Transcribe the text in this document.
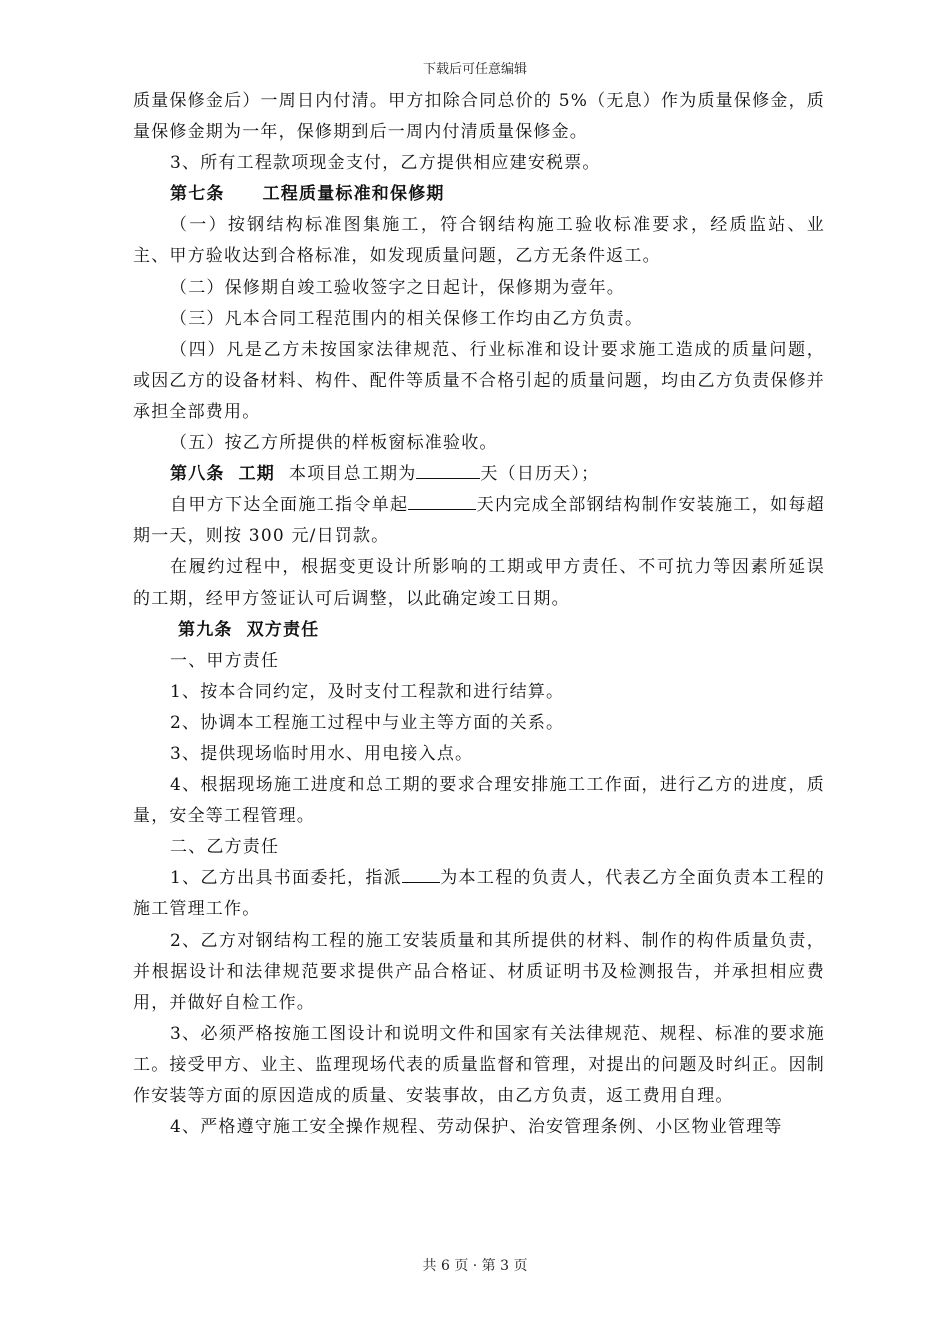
下载后可任意编辑

质量保修金后）一周日内付清。甲方扣除合同总价的 5%（无息）作为质量保修金，质量保修金期为一年，保修期到后一周内付清质量保修金。

3、所有工程款项现金支付，乙方提供相应建安税票。

第七条 工程质量标准和保修期

（一）按钢结构标准图集施工，符合钢结构施工验收标准要求，经质监站、业主、甲方验收达到合格标准，如发现质量问题，乙方无条件返工。

（二）保修期自竣工验收签字之日起计，保修期为壹年。

（三）凡本合同工程范围内的相关保修工作均由乙方负责。

（四）凡是乙方未按国家法律规范、行业标准和设计要求施工造成的质量问题，或因乙方的设备材料、构件、配件等质量不合格引起的质量问题，均由乙方负责保修并承担全部费用。

（五）按乙方所提供的样板窗标准验收。

第八条 工期 本项目总工期为	天（日历天）；

自甲方下达全面施工指令单起	天内完成全部钢结构制作安装施工，如每超期一天，则按 300 元/日罚款。

在履约过程中，根据变更设计所影响的工期或甲方责任、不可抗力等因素所延误的工期，经甲方签证认可后调整，以此确定竣工日期。

第九条 双方责任

一、甲方责任

1、按本合同约定，及时支付工程款和进行结算。

2、协调本工程施工过程中与业主等方面的关系。

3、提供现场临时用水、用电接入点。

4、根据现场施工进度和总工期的要求合理安排施工工作面，进行乙方的进度，质量，安全等工程管理。

二、乙方责任

1、乙方出具书面委托，指派 为本工程的负责人，代表乙方全面负责本工程的施工管理工作。

2、乙方对钢结构工程的施工安装质量和其所提供的材料、制作的构件质量负责，并根据设计和法律规范要求提供产品合格证、材质证明书及检测报告，并承担相应费用，并做好自检工作。

3、必须严格按施工图设计和说明文件和国家有关法律规范、规程、标准的要求施工。接受甲方、业主、监理现场代表的质量监督和管理，对提出的问题及时纠正。因制作安装等方面的原因造成的质量、安装事故，由乙方负责，返工费用自理。

4、严格遵守施工安全操作规程、劳动保护、治安管理条例、小区物业管理等

共 6 页 · 第 3 页
